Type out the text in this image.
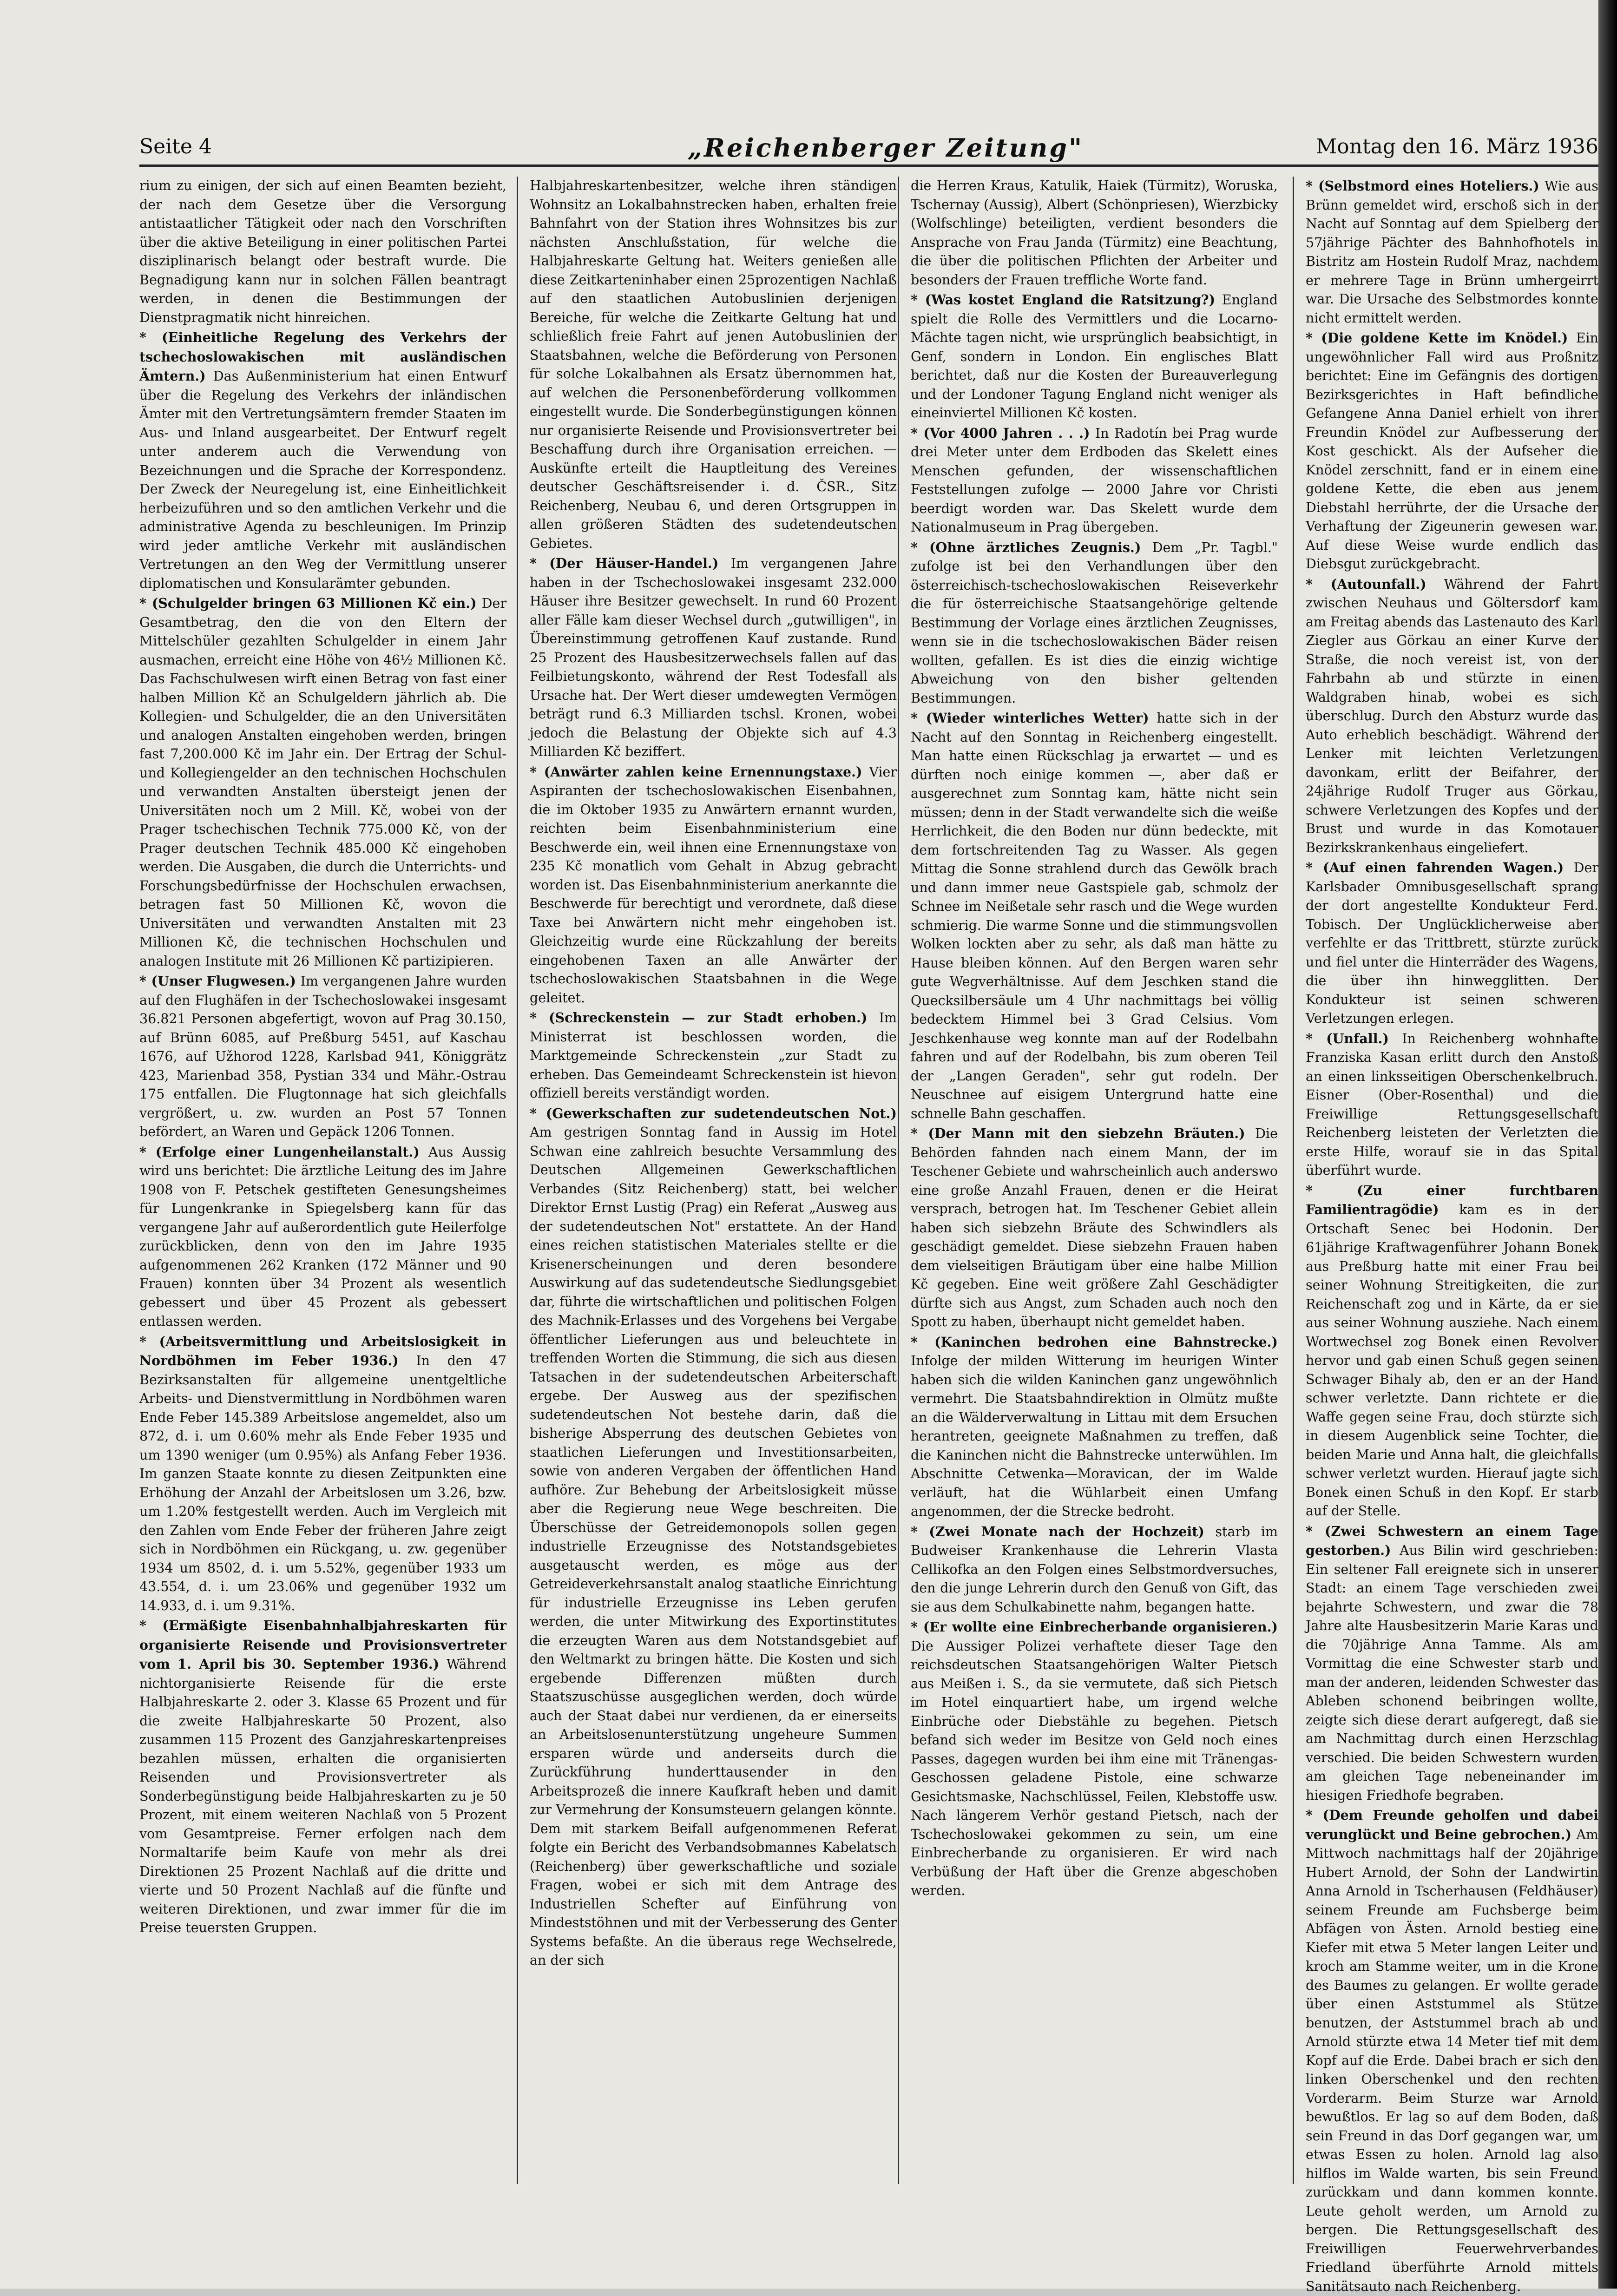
Seite 4	„Reichenberger Zeitung"	Montag den 16. März 1936

rium zu einigen, der sich auf einen Beamten bezieht, der nach dem Gesetze über die Versorgung antistaatlicher Tätigkeit oder nach den Vorschriften über die aktive Beteiligung in einer politischen Partei disziplinarisch belangt oder bestraft wurde. Die Begnadigung kann nur in solchen Fällen beantragt werden, in denen die Bestimmungen der Dienstpragmatik nicht hinreichen.

* (Einheitliche Regelung des Verkehrs der tschechoslowakischen mit ausländischen Ämtern.) Das Außenministerium hat einen Entwurf über die Regelung des Verkehrs der inländischen Ämter mit den Vertretungsämtern fremder Staaten im Aus- und Inland ausgearbeitet. Der Entwurf regelt unter anderem auch die Verwendung von Bezeichnungen und die Sprache der Korrespondenz. Der Zweck der Neuregelung ist, eine Einheitlichkeit herbeizuführen und so den amtlichen Verkehr und die administrative Agenda zu beschleunigen. Im Prinzip wird jeder amtliche Verkehr mit ausländischen Vertretungen an den Weg der Vermittlung unserer diplomatischen und Konsularämter gebunden.

* (Schulgelder bringen 63 Millionen Kč ein.) Der Gesamtbetrag, den die von den Eltern der Mittelschüler gezahlten Schulgelder in einem Jahr ausmachen, erreicht eine Höhe von 46½ Millionen Kč. Das Fachschulwesen wirft einen Betrag von fast einer halben Million Kč an Schulgeldern jährlich ab. Die Kollegien- und Schulgelder, die an den Universitäten und analogen Anstalten eingehoben werden, bringen fast 7,200.000 Kč im Jahr ein. Der Ertrag der Schul- und Kollegiengelder an den technischen Hochschulen und verwandten Anstalten übersteigt jenen der Universitäten noch um 2 Mill. Kč, wobei von der Prager tschechischen Technik 775.000 Kč, von der Prager deutschen Technik 485.000 Kč eingehoben werden. Die Ausgaben, die durch die Unterrichts- und Forschungsbedürfnisse der Hochschulen erwachsen, betragen fast 50 Millionen Kč, wovon die Universitäten und verwandten Anstalten mit 23 Millionen Kč, die technischen Hochschulen und analogen Institute mit 26 Millionen Kč partizipieren.

* (Unser Flugwesen.) Im vergangenen Jahre wurden auf den Flughäfen in der Tschechoslowakei insgesamt 36.821 Personen abgefertigt, wovon auf Prag 30.150, auf Brünn 6085, auf Preßburg 5451, auf Kaschau 1676, auf Užhorod 1228, Karlsbad 941, Königgrätz 423, Marienbad 358, Pystian 334 und Mähr.-Ostrau 175 entfallen. Die Flugtonnage hat sich gleichfalls vergrößert, u. zw. wurden an Post 57 Tonnen befördert, an Waren und Gepäck 1206 Tonnen.

* (Erfolge einer Lungenheilanstalt.) Aus Aussig wird uns berichtet: Die ärztliche Leitung des im Jahre 1908 von F. Petschek gestifteten Genesungsheimes für Lungenkranke in Spiegelsberg kann für das vergangene Jahr auf außerordentlich gute Heilerfolge zurückblicken, denn von den im Jahre 1935 aufgenommenen 262 Kranken (172 Männer und 90 Frauen) konnten über 34 Prozent als wesentlich gebessert und über 45 Prozent als gebessert entlassen werden.

* (Arbeitsvermittlung und Arbeitslosigkeit in Nordböhmen im Feber 1936.) In den 47 Bezirksanstalten für allgemeine unentgeltliche Arbeits- und Dienstvermittlung in Nordböhmen waren Ende Feber 145.389 Arbeitslose angemeldet, also um 872, d. i. um 0.60% mehr als Ende Feber 1935 und um 1390 weniger (um 0.95%) als Anfang Feber 1936. Im ganzen Staate konnte zu diesen Zeitpunkten eine Erhöhung der Anzahl der Arbeitslosen um 3.26, bzw. um 1.20% festgestellt werden. Auch im Vergleich mit den Zahlen vom Ende Feber der früheren Jahre zeigt sich in Nordböhmen ein Rückgang, u. zw. gegenüber 1934 um 8502, d. i. um 5.52%, gegenüber 1933 um 43.554, d. i. um 23.06% und gegenüber 1932 um 14.933, d. i. um 9.31%.

* (Ermäßigte Eisenbahnhalbjahreskarten für organisierte Reisende und Provisionsvertreter vom 1. April bis 30. September 1936.) Während nichtorganisierte Reisende für die erste Halbjahreskarte 2. oder 3. Klasse 65 Prozent und für die zweite Halbjahreskarte 50 Prozent, also zusammen 115 Prozent des Ganzjahreskartenpreises bezahlen müssen, erhalten die organisierten Reisenden und Provisionsvertreter als Sonderbegünstigung beide Halbjahreskarten zu je 50 Prozent, mit einem weiteren Nachlaß von 5 Prozent vom Gesamtpreise. Ferner erfolgen nach dem Normaltarife beim Kaufe von mehr als drei Direktionen 25 Prozent Nachlaß auf die dritte und vierte und 50 Prozent Nachlaß auf die fünfte und weiteren Direktionen, und zwar immer für die im Preise teuersten Gruppen.

Halbjahreskartenbesitzer, welche ihren ständigen Wohnsitz an Lokalbahnstrecken haben, erhalten freie Bahnfahrt von der Station ihres Wohnsitzes bis zur nächsten Anschlußstation, für welche die Halbjahreskarte Geltung hat. Weiters genießen alle diese Zeitkarteninhaber einen 25prozentigen Nachlaß auf den staatlichen Autobuslinien derjenigen Bereiche, für welche die Zeitkarte Geltung hat und schließlich freie Fahrt auf jenen Autobuslinien der Staatsbahnen, welche die Beförderung von Personen für solche Lokalbahnen als Ersatz übernommen hat, auf welchen die Personenbeförderung vollkommen eingestellt wurde. Die Sonderbegünstigungen können nur organisierte Reisende und Provisionsvertreter bei Beschaffung durch ihre Organisation erreichen. — Auskünfte erteilt die Hauptleitung des Vereines deutscher Geschäftsreisender i. d. ČSR., Sitz Reichenberg, Neubau 6, und deren Ortsgruppen in allen größeren Städten des sudetendeutschen Gebietes.

* (Der Häuser-Handel.) Im vergangenen Jahre haben in der Tschechoslowakei insgesamt 232.000 Häuser ihre Besitzer gewechselt. In rund 60 Prozent aller Fälle kam dieser Wechsel durch „gutwilligen", in Übereinstimmung getroffenen Kauf zustande. Rund 25 Prozent des Hausbesitzerwechsels fallen auf das Feilbietungskonto, während der Rest Todesfall als Ursache hat. Der Wert dieser umdewegten Vermögen beträgt rund 6.3 Milliarden tschsl. Kronen, wobei jedoch die Belastung der Objekte sich auf 4.3 Milliarden Kč beziffert.

* (Anwärter zahlen keine Ernennungstaxe.) Vier Aspiranten der tschechoslowakischen Eisenbahnen, die im Oktober 1935 zu Anwärtern ernannt wurden, reichten beim Eisenbahnministerium eine Beschwerde ein, weil ihnen eine Ernennungstaxe von 235 Kč monatlich vom Gehalt in Abzug gebracht worden ist. Das Eisenbahnministerium anerkannte die Beschwerde für berechtigt und verordnete, daß diese Taxe bei Anwärtern nicht mehr eingehoben ist. Gleichzeitig wurde eine Rückzahlung der bereits eingehobenen Taxen an alle Anwärter der tschechoslowakischen Staatsbahnen in die Wege geleitet.

* (Schreckenstein — zur Stadt erhoben.) Im Ministerrat ist beschlossen worden, die Marktgemeinde Schreckenstein „zur Stadt zu erheben. Das Gemeindeamt Schreckenstein ist hievon offiziell bereits verständigt worden.

* (Gewerkschaften zur sudetendeutschen Not.) Am gestrigen Sonntag fand in Aussig im Hotel Schwan eine zahlreich besuchte Versammlung des Deutschen Allgemeinen Gewerkschaftlichen Verbandes (Sitz Reichenberg) statt, bei welcher Direktor Ernst Lustig (Prag) ein Referat „Ausweg aus der sudetendeutschen Not" erstattete. An der Hand eines reichen statistischen Materiales stellte er die Krisenerscheinungen und deren besondere Auswirkung auf das sudetendeutsche Siedlungsgebiet dar, führte die wirtschaftlichen und politischen Folgen des Machnik-Erlasses und des Vorgehens bei Vergabe öffentlicher Lieferungen aus und beleuchtete in treffenden Worten die Stimmung, die sich aus diesen Tatsachen in der sudetendeutschen Arbeiterschaft ergebe. Der Ausweg aus der spezifischen sudetendeutschen Not bestehe darin, daß die bisherige Absperrung des deutschen Gebietes von staatlichen Lieferungen und Investitionsarbeiten, sowie von anderen Vergaben der öffentlichen Hand aufhöre. Zur Behebung der Arbeitslosigkeit müsse aber die Regierung neue Wege beschreiten. Die Überschüsse der Getreidemonopols sollen gegen industrielle Erzeugnisse des Notstandsgebietes ausgetauscht werden, es möge aus der Getreideverkehrsanstalt analog staatliche Einrichtung für industrielle Erzeugnisse ins Leben gerufen werden, die unter Mitwirkung des Exportinstitutes die erzeugten Waren aus dem Notstandsgebiet auf den Weltmarkt zu bringen hätte. Die Kosten und sich ergebende Differenzen müßten durch Staatszuschüsse ausgeglichen werden, doch würde auch der Staat dabei nur verdienen, da er einerseits an Arbeitslosenunterstützung ungeheure Summen ersparen würde und anderseits durch die Zurückführung hunderttausender in den Arbeitsprozeß die innere Kaufkraft heben und damit zur Vermehrung der Konsumsteuern gelangen könnte. Dem mit starkem Beifall aufgenommenen Referat folgte ein Bericht des Verbandsobmannes Kabelatsch (Reichenberg) über gewerkschaftliche und soziale Fragen, wobei er sich mit dem Antrage des Industriellen Schefter auf Einführung von Mindeststöhnen und mit der Verbesserung des Genter Systems befaßte. An die überaus rege Wechselrede, an der sich

die Herren Kraus, Katulik, Haiek (Türmitz), Woruska, Tschernay (Aussig), Albert (Schönpriesen), Wierzbicky (Wolfschlinge) beteiligten, verdient besonders die Ansprache von Frau Janda (Türmitz) eine Beachtung, die über die politischen Pflichten der Arbeiter und besonders der Frauen treffliche Worte fand.

* (Was kostet England die Ratsitzung?) England spielt die Rolle des Vermittlers und die Locarno-Mächte tagen nicht, wie ursprünglich beabsichtigt, in Genf, sondern in London. Ein englisches Blatt berichtet, daß nur die Kosten der Bureauverlegung und der Londoner Tagung England nicht weniger als eineinviertel Millionen Kč kosten.

* (Vor 4000 Jahren . . .) In Radotín bei Prag wurde drei Meter unter dem Erdboden das Skelett eines Menschen gefunden, der wissenschaftlichen Feststellungen zufolge — 2000 Jahre vor Christi beerdigt worden war. Das Skelett wurde dem Nationalmuseum in Prag übergeben.

* (Ohne ärztliches Zeugnis.) Dem „Pr. Tagbl." zufolge ist bei den Verhandlungen über den österreichisch-tschechoslowakischen Reiseverkehr die für österreichische Staatsangehörige geltende Bestimmung der Vorlage eines ärztlichen Zeugnisses, wenn sie in die tschechoslowakischen Bäder reisen wollten, gefallen. Es ist dies die einzig wichtige Abweichung von den bisher geltenden Bestimmungen.

* (Wieder winterliches Wetter) hatte sich in der Nacht auf den Sonntag in Reichenberg eingestellt. Man hatte einen Rückschlag ja erwartet — und es dürften noch einige kommen —, aber daß er ausgerechnet zum Sonntag kam, hätte nicht sein müssen; denn in der Stadt verwandelte sich die weiße Herrlichkeit, die den Boden nur dünn bedeckte, mit dem fortschreitenden Tag zu Wasser. Als gegen Mittag die Sonne strahlend durch das Gewölk brach und dann immer neue Gastspiele gab, schmolz der Schnee im Neißetale sehr rasch und die Wege wurden schmierig. Die warme Sonne und die stimmungsvollen Wolken lockten aber zu sehr, als daß man hätte zu Hause bleiben können. Auf den Bergen waren sehr gute Wegverhältnisse. Auf dem Jeschken stand die Quecksilbersäule um 4 Uhr nachmittags bei völlig bedecktem Himmel bei 3 Grad Celsius. Vom Jeschkenhause weg konnte man auf der Rodelbahn fahren und auf der Rodelbahn, bis zum oberen Teil der „Langen Geraden", sehr gut rodeln. Der Neuschnee auf eisigem Untergrund hatte eine schnelle Bahn geschaffen.

* (Der Mann mit den siebzehn Bräuten.) Die Behörden fahnden nach einem Mann, der im Teschener Gebiete und wahrscheinlich auch anderswo eine große Anzahl Frauen, denen er die Heirat versprach, betrogen hat. Im Teschener Gebiet allein haben sich siebzehn Bräute des Schwindlers als geschädigt gemeldet. Diese siebzehn Frauen haben dem vielseitigen Bräutigam über eine halbe Million Kč gegeben. Eine weit größere Zahl Geschädigter dürfte sich aus Angst, zum Schaden auch noch den Spott zu haben, überhaupt nicht gemeldet haben.

* (Kaninchen bedrohen eine Bahnstrecke.) Infolge der milden Witterung im heurigen Winter haben sich die wilden Kaninchen ganz ungewöhnlich vermehrt. Die Staatsbahndirektion in Olmütz mußte an die Wälderverwaltung in Littau mit dem Ersuchen herantreten, geeignete Maßnahmen zu treffen, daß die Kaninchen nicht die Bahnstrecke unterwühlen. Im Abschnitte Cetwenka—Moravican, der im Walde verläuft, hat die Wühlarbeit einen Umfang angenommen, der die Strecke bedroht.

* (Zwei Monate nach der Hochzeit) starb im Budweiser Krankenhause die Lehrerin Vlasta Cellikofka an den Folgen eines Selbstmordversuches, den die junge Lehrerin durch den Genuß von Gift, das sie aus dem Schulkabinette nahm, begangen hatte.

* (Er wollte eine Einbrecherbande organisieren.) Die Aussiger Polizei verhaftete dieser Tage den reichsdeutschen Staatsangehörigen Walter Pietsch aus Meißen i. S., da sie vermutete, daß sich Pietsch im Hotel einquartiert habe, um irgend welche Einbrüche oder Diebstähle zu begehen. Pietsch befand sich weder im Besitze von Geld noch eines Passes, dagegen wurden bei ihm eine mit Tränengas-Geschossen geladene Pistole, eine schwarze Gesichtsmaske, Nachschlüssel, Feilen, Klebstoffe usw. Nach längerem Verhör gestand Pietsch, nach der Tschechoslowakei gekommen zu sein, um eine Einbrecherbande zu organisieren. Er wird nach Verbüßung der Haft über die Grenze abgeschoben werden.

* (Selbstmord eines Hoteliers.) Wie aus Brünn gemeldet wird, erschoß sich in der Nacht auf Sonntag auf dem Spielberg der 57jährige Pächter des Bahnhofhotels in Bistritz am Hostein Rudolf Mraz, nachdem er mehrere Tage in Brünn umhergeirrt war. Die Ursache des Selbstmordes konnte nicht ermittelt werden.

* (Die goldene Kette im Knödel.) Ein ungewöhnlicher Fall wird aus Proßnitz berichtet: Eine im Gefängnis des dortigen Bezirksgerichtes in Haft befindliche Gefangene Anna Daniel erhielt von ihrer Freundin Knödel zur Aufbesserung der Kost geschickt. Als der Aufseher die Knödel zerschnitt, fand er in einem eine goldene Kette, die eben aus jenem Diebstahl herrührte, der die Ursache der Verhaftung der Zigeunerin gewesen war. Auf diese Weise wurde endlich das Diebsgut zurückgebracht.

* (Autounfall.) Während der Fahrt zwischen Neuhaus und Göltersdorf kam am Freitag abends das Lastenauto des Karl Ziegler aus Görkau an einer Kurve der Straße, die noch vereist ist, von der Fahrbahn ab und stürzte in einen Waldgraben hinab, wobei es sich überschlug. Durch den Absturz wurde das Auto erheblich beschädigt. Während der Lenker mit leichten Verletzungen davonkam, erlitt der Beifahrer, der 24jährige Rudolf Truger aus Görkau, schwere Verletzungen des Kopfes und der Brust und wurde in das Komotauer Bezirkskrankenhaus eingeliefert.

* (Auf einen fahrenden Wagen.) Der Karlsbader Omnibusgesellschaft sprang der dort angestellte Kondukteur Ferd. Tobisch. Der Unglücklicherweise aber verfehlte er das Trittbrett, stürzte zurück und fiel unter die Hinterräder des Wagens, die über ihn hinwegglitten. Der Kondukteur ist seinen schweren Verletzungen erlegen.

* (Unfall.) In Reichenberg wohnhafte Franziska Kasan erlitt durch den Anstoß an einen linksseitigen Oberschenkelbruch. Eisner (Ober-Rosenthal) und die Freiwillige Rettungsgesellschaft Reichenberg leisteten der Verletzten die erste Hilfe, worauf sie in das Spital überführt wurde.

* (Zu einer furchtbaren Familientragödie) kam es in der Ortschaft Senec bei Hodonin. Der 61jährige Kraftwagenführer Johann Bonek aus Preßburg hatte mit einer Frau bei seiner Wohnung Streitigkeiten, die zur Reichenschaft zog und in Kärte, da er sie aus seiner Wohnung ausziehe. Nach einem Wortwechsel zog Bonek einen Revolver hervor und gab einen Schuß gegen seinen Schwager Bihaly ab, den er an der Hand schwer verletzte. Dann richtete er die Waffe gegen seine Frau, doch stürzte sich in diesem Augenblick seine Tochter, die beiden Marie und Anna halt, die gleichfalls schwer verletzt wurden. Hierauf jagte sich Bonek einen Schuß in den Kopf. Er starb auf der Stelle.

* (Zwei Schwestern an einem Tage gestorben.) Aus Bilin wird geschrieben: Ein seltener Fall ereignete sich in unserer Stadt: an einem Tage verschieden zwei bejahrte Schwestern, und zwar die 78 Jahre alte Hausbesitzerin Marie Karas und die 70jährige Anna Tamme. Als am Vormittag die eine Schwester starb und man der anderen, leidenden Schwester das Ableben schonend beibringen wollte, zeigte sich diese derart aufgeregt, daß sie am Nachmittag durch einen Herzschlag verschied. Die beiden Schwestern wurden am gleichen Tage nebeneinander im hiesigen Friedhofe begraben.

* (Dem Freunde geholfen und dabei verunglückt und Beine gebrochen.) Am Mittwoch nachmittags half der 20jährige Hubert Arnold, der Sohn der Landwirtin Anna Arnold in Tscherhausen (Feldhäuser) seinem Freunde am Fuchsberge beim Abfägen von Ästen. Arnold bestieg eine Kiefer mit etwa 5 Meter langen Leiter und kroch am Stamme weiter, um in die Krone des Baumes zu gelangen. Er wollte gerade über einen Aststummel als Stütze benutzen, der Aststummel brach ab und Arnold stürzte etwa 14 Meter tief mit dem Kopf auf die Erde. Dabei brach er sich den linken Oberschenkel und den rechten Vorderarm. Beim Sturze war Arnold bewußtlos. Er lag so auf dem Boden, daß sein Freund in das Dorf gegangen war, um etwas Essen zu holen. Arnold lag also hilflos im Walde warten, bis sein Freund zurückkam und dann kommen konnte. Leute geholt werden, um Arnold zu bergen. Die Rettungsgesellschaft des Freiwilligen Feuerwehrverbandes Friedland überführte Arnold mittels Sanitätsauto nach Reichenberg.
